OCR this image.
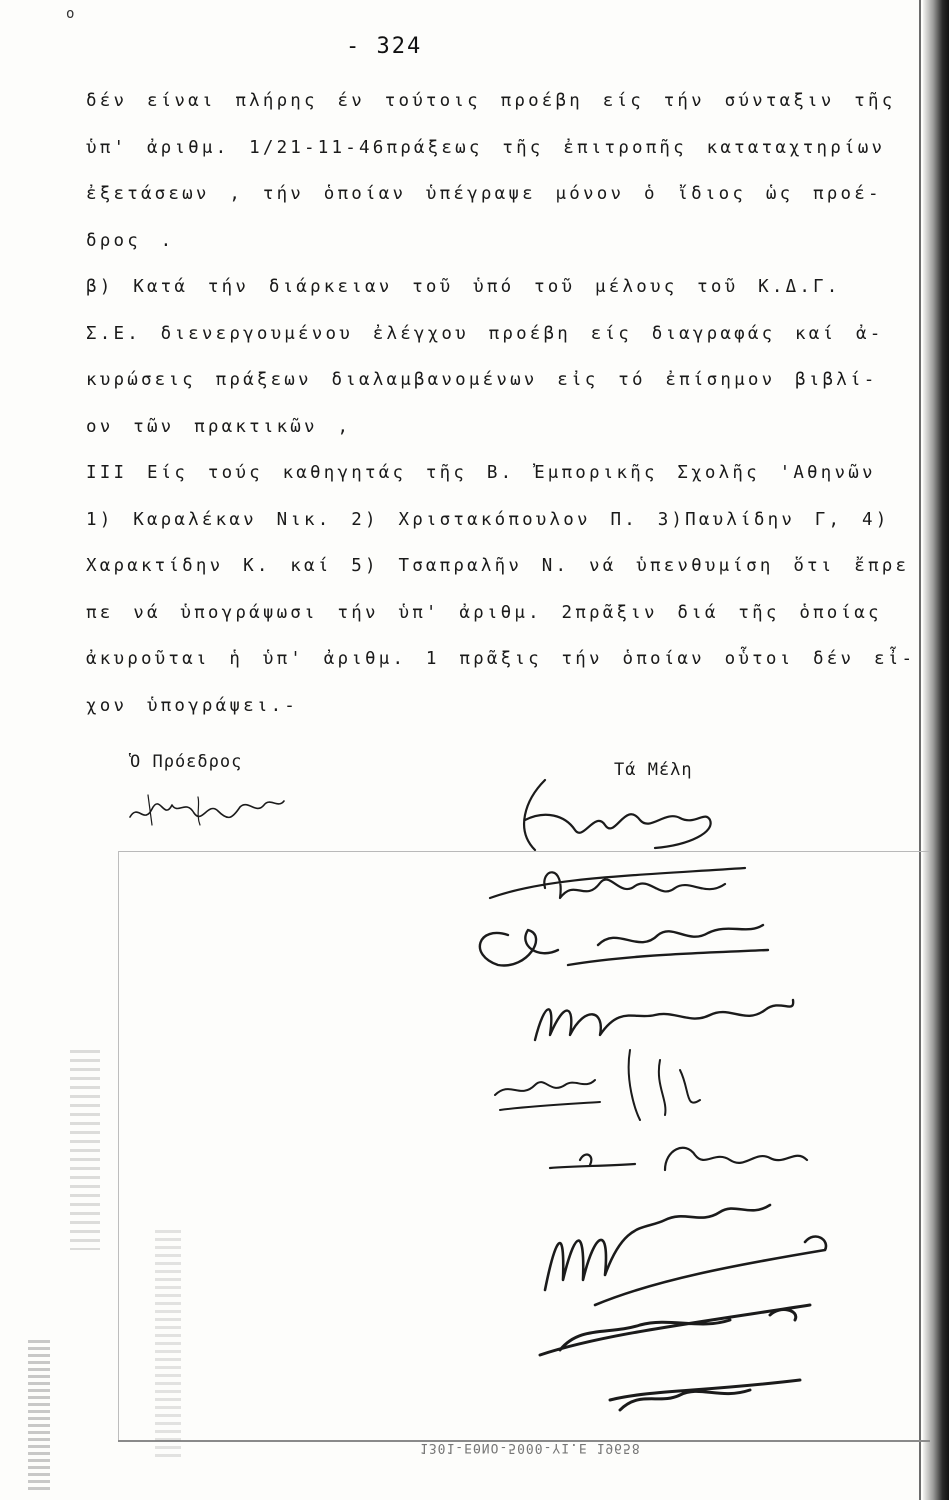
o
- 324
δέν είναι πλήρης έν τούτοις προέβη είς τήν σύνταξιν τῆς
ὑπ' ἀριθμ. 1/21-11-46πράξεως τῆς ἐπιτροπῆς καταταχτηρίων
ἐξετάσεων , τήν ὁποίαν ὑπέγραψε μόνον ὁ ἴδιος ὡς προέ-
δρος .
β) Κατά τήν διάρκειαν τοῦ ὑπό τοῦ μέλους τοῦ Κ.Δ.Γ.
Σ.Ε. διενεργουμένου ἐλέγχου προέβη είς διαγραφάς καί ἀ-
κυρώσεις πράξεων διαλαμβανομένων εἰς τό ἐπίσημον βιβλί-
ον τῶν πρακτικῶν ,
III Είς τούς καθηγητάς τῆς Β. Ἐμπορικῆς Σχολῆς 'Αθηνῶν
1) Καραλέκαν Νικ. 2) Χριστακόπουλον Π. 3)Παυλίδην Γ, 4)
Χαρακτίδην Κ. καί 5) Τσαπραλῆν Ν. νά ὑπενθυμίση ὅτι ἔπρε
πε νά ὑπογράψωσι τήν ὑπ' ἀριθμ. 2πρᾶξιν διά τῆς ὁποίας
ἀκυροῦται ἡ ὑπ' ἀριθμ. 1 πρᾶξις τήν ὁποίαν οὗτοι δέν εἶ-
χον ὑπογράψει.-
Ὁ Πρόεδρος	Τά Μέλη
1301-ΕΘΝΟ-5000-ΥΙ.Ε 19658
